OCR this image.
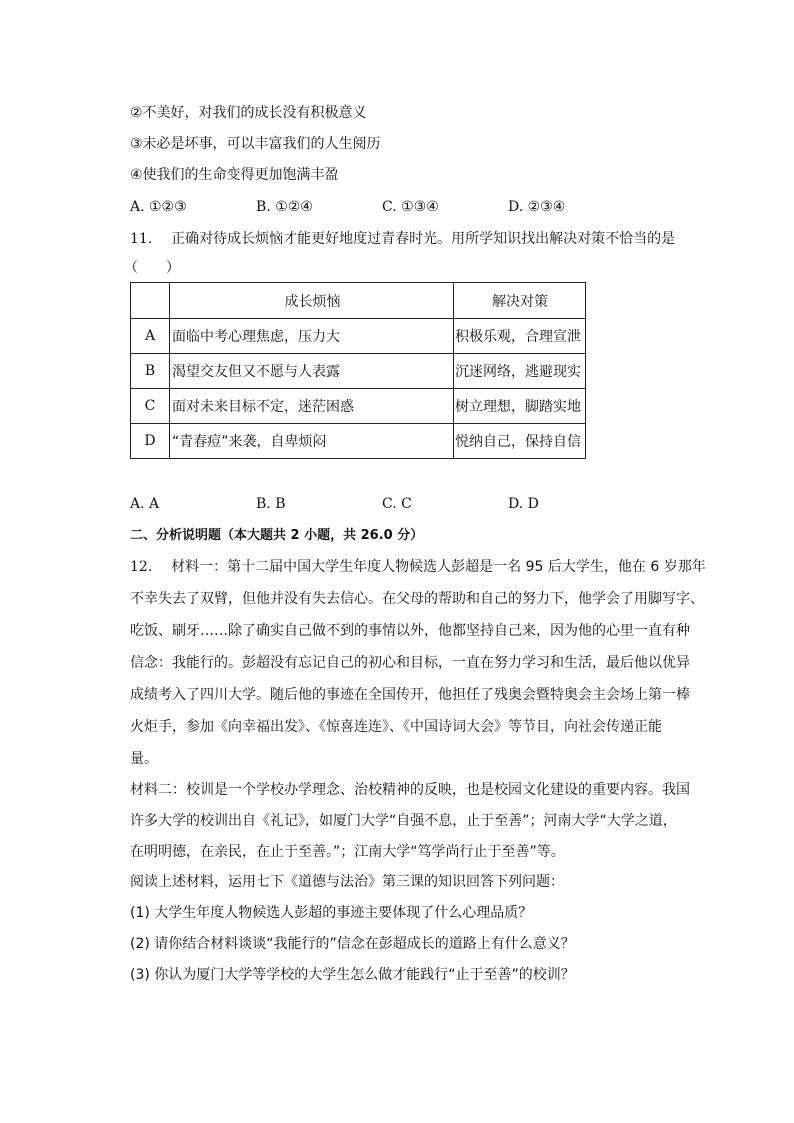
②不美好，对我们的成长没有积极意义
③未必是坏事，可以丰富我们的人生阅历
④使我们的生命变得更加饱满丰盈
A. ①②③	B. ①②④	C. ①③④	D. ②③④
11. 正确对待成长烦恼才能更好地度过青春时光。用所学知识找出解决对策不恰当的是
（　　）
	成长烦恼	解决对策
A	面临中考心理焦虑，压力大	积极乐观，合理宣泄
B	渴望交友但又不愿与人表露	沉迷网络，逃避现实
C	面对未来目标不定，迷茫困惑	树立理想，脚踏实地
D	“青春痘”来袭，自卑烦闷	悦纳自己，保持自信
A. A	B. B	C. C	D. D
二、分析说明题（本大题共 2 小题，共 26.0 分）
12. 材料一：第十二届中国大学生年度人物候选人彭超是一名 95 后大学生，他在 6 岁那年
不幸失去了双臂，但他并没有失去信心。在父母的帮助和自己的努力下，他学会了用脚写字、
吃饭、刷牙……除了确实自己做不到的事情以外，他都坚持自己来，因为他的心里一直有种
信念：我能行的。彭超没有忘记自己的初心和目标，一直在努力学习和生活，最后他以优异
成绩考入了四川大学。随后他的事迹在全国传开，他担任了残奥会暨特奥会主会场上第一棒
火炬手，参加《向幸福出发》、《惊喜连连》、《中国诗词大会》等节目，向社会传递正能
量。
材料二：校训是一个学校办学理念、治校精神的反映，也是校园文化建设的重要内容。我国
许多大学的校训出自《礼记》，如厦门大学“自强不息，止于至善”；河南大学“大学之道，
在明明德，在亲民，在止于至善。”；江南大学“笃学尚行止于至善”等。
阅读上述材料，运用七下《道德与法治》第三课的知识回答下列问题：
(1) 大学生年度人物候选人彭超的事迹主要体现了什么心理品质？
(2) 请你结合材料谈谈“我能行的”信念在彭超成长的道路上有什么意义？
(3) 你认为厦门大学等学校的大学生怎么做才能践行“止于至善”的校训？
